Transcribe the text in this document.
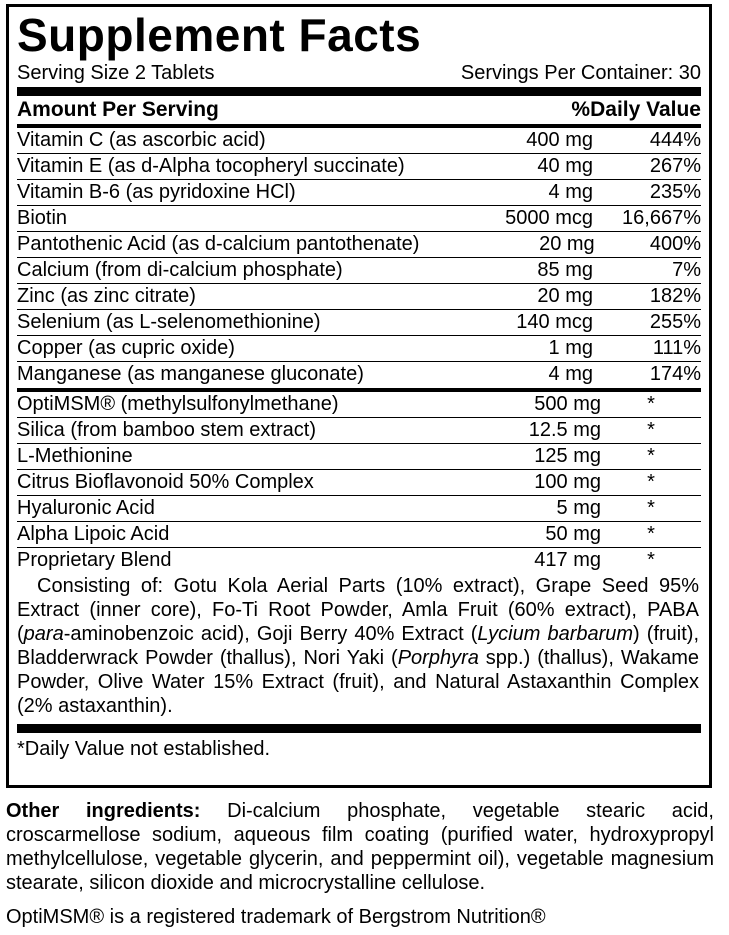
Supplement Facts
Serving Size 2 Tablets	Servings Per Container: 30
Amount Per Serving	%Daily Value
Vitamin C (as ascorbic acid)	400 mg	444%
Vitamin E (as d-Alpha tocopheryl succinate)	40 mg	267%
Vitamin B-6 (as pyridoxine HCl)	4 mg	235%
Biotin	5000 mcg	16,667%
Pantothenic Acid (as d-calcium pantothenate)	20 mg	400%
Calcium (from di-calcium phosphate)	85 mg	7%
Zinc (as zinc citrate)	20 mg	182%
Selenium (as L-selenomethionine)	140 mcg	255%
Copper (as cupric oxide)	1 mg	111%
Manganese (as manganese gluconate)	4 mg	174%
OptiMSM® (methylsulfonylmethane)	500 mg	*
Silica (from bamboo stem extract)	12.5 mg	*
L-Methionine	125 mg	*
Citrus Bioflavonoid 50% Complex	100 mg	*
Hyaluronic Acid	5 mg	*
Alpha Lipoic Acid	50 mg	*
Proprietary Blend	417 mg	*
Consisting of: Gotu Kola Aerial Parts (10% extract), Grape Seed 95% Extract (inner core), Fo-Ti Root Powder, Amla Fruit (60% extract), PABA (para-aminobenzoic acid), Goji Berry 40% Extract (Lycium barbarum) (fruit), Bladderwrack Powder (thallus), Nori Yaki (Porphyra spp.) (thallus), Wakame Powder, Olive Water 15% Extract (fruit), and Natural Astaxanthin Complex (2% astaxanthin).
*Daily Value not established.
Other ingredients: Di-calcium phosphate, vegetable stearic acid, croscarmellose sodium, aqueous film coating (purified water, hydroxypropyl methylcellulose, vegetable glycerin, and peppermint oil), vegetable magnesium stearate, silicon dioxide and microcrystalline cellulose.
OptiMSM® is a registered trademark of Bergstrom Nutrition®
